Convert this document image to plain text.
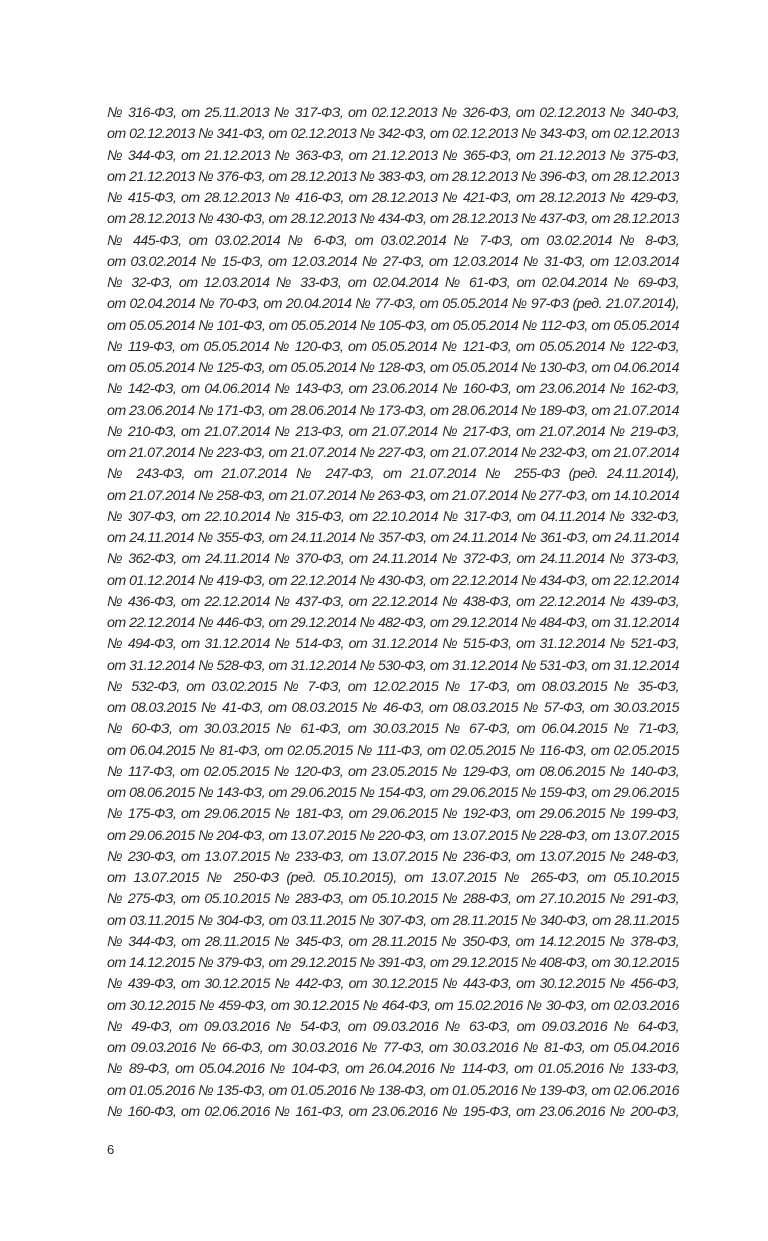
№ 316-ФЗ, от 25.11.2013 № 317-ФЗ, от 02.12.2013 № 326-ФЗ, от 02.12.2013 № 340-ФЗ,
от 02.12.2013 № 341-ФЗ, от 02.12.2013 № 342-ФЗ, от 02.12.2013 № 343-ФЗ, от 02.12.2013
№ 344-ФЗ, от 21.12.2013 № 363-ФЗ, от 21.12.2013 № 365-ФЗ, от 21.12.2013 № 375-ФЗ,
от 21.12.2013 № 376-ФЗ, от 28.12.2013 № 383-ФЗ, от 28.12.2013 № 396-ФЗ, от 28.12.2013
№ 415-ФЗ, от 28.12.2013 № 416-ФЗ, от 28.12.2013 № 421-ФЗ, от 28.12.2013 № 429-ФЗ,
от 28.12.2013 № 430-ФЗ, от 28.12.2013 № 434-ФЗ, от 28.12.2013 № 437-ФЗ, от 28.12.2013
№ 445-ФЗ, от 03.02.2014 № 6-ФЗ, от 03.02.2014 № 7-ФЗ, от 03.02.2014 № 8-ФЗ,
от 03.02.2014 № 15-ФЗ, от 12.03.2014 № 27-ФЗ, от 12.03.2014 № 31-ФЗ, от 12.03.2014
№ 32-ФЗ, от 12.03.2014 № 33-ФЗ, от 02.04.2014 № 61-ФЗ, от 02.04.2014 № 69-ФЗ,
от 02.04.2014 № 70-ФЗ, от 20.04.2014 № 77-ФЗ, от 05.05.2014 № 97-ФЗ (ред. 21.07.2014),
от 05.05.2014 № 101-ФЗ, от 05.05.2014 № 105-ФЗ, от 05.05.2014 № 112-ФЗ, от 05.05.2014
№ 119-ФЗ, от 05.05.2014 № 120-ФЗ, от 05.05.2014 № 121-ФЗ, от 05.05.2014 № 122-ФЗ,
от 05.05.2014 № 125-ФЗ, от 05.05.2014 № 128-ФЗ, от 05.05.2014 № 130-ФЗ, от 04.06.2014
№ 142-ФЗ, от 04.06.2014 № 143-ФЗ, от 23.06.2014 № 160-ФЗ, от 23.06.2014 № 162-ФЗ,
от 23.06.2014 № 171-ФЗ, от 28.06.2014 № 173-ФЗ, от 28.06.2014 № 189-ФЗ, от 21.07.2014
№ 210-ФЗ, от 21.07.2014 № 213-ФЗ, от 21.07.2014 № 217-ФЗ, от 21.07.2014 № 219-ФЗ,
от 21.07.2014 № 223-ФЗ, от 21.07.2014 № 227-ФЗ, от 21.07.2014 № 232-ФЗ, от 21.07.2014
№ 243-ФЗ, от 21.07.2014 № 247-ФЗ, от 21.07.2014 № 255-ФЗ (ред. 24.11.2014),
от 21.07.2014 № 258-ФЗ, от 21.07.2014 № 263-ФЗ, от 21.07.2014 № 277-ФЗ, от 14.10.2014
№ 307-ФЗ, от 22.10.2014 № 315-ФЗ, от 22.10.2014 № 317-ФЗ, от 04.11.2014 № 332-ФЗ,
от 24.11.2014 № 355-ФЗ, от 24.11.2014 № 357-ФЗ, от 24.11.2014 № 361-ФЗ, от 24.11.2014
№ 362-ФЗ, от 24.11.2014 № 370-ФЗ, от 24.11.2014 № 372-ФЗ, от 24.11.2014 № 373-ФЗ,
от 01.12.2014 № 419-ФЗ, от 22.12.2014 № 430-ФЗ, от 22.12.2014 № 434-ФЗ, от 22.12.2014
№ 436-ФЗ, от 22.12.2014 № 437-ФЗ, от 22.12.2014 № 438-ФЗ, от 22.12.2014 № 439-ФЗ,
от 22.12.2014 № 446-ФЗ, от 29.12.2014 № 482-ФЗ, от 29.12.2014 № 484-ФЗ, от 31.12.2014
№ 494-ФЗ, от 31.12.2014 № 514-ФЗ, от 31.12.2014 № 515-ФЗ, от 31.12.2014 № 521-ФЗ,
от 31.12.2014 № 528-ФЗ, от 31.12.2014 № 530-ФЗ, от 31.12.2014 № 531-ФЗ, от 31.12.2014
№ 532-ФЗ, от 03.02.2015 № 7-ФЗ, от 12.02.2015 № 17-ФЗ, от 08.03.2015 № 35-ФЗ,
от 08.03.2015 № 41-ФЗ, от 08.03.2015 № 46-ФЗ, от 08.03.2015 № 57-ФЗ, от 30.03.2015
№ 60-ФЗ, от 30.03.2015 № 61-ФЗ, от 30.03.2015 № 67-ФЗ, от 06.04.2015 № 71-ФЗ,
от 06.04.2015 № 81-ФЗ, от 02.05.2015 № 111-ФЗ, от 02.05.2015 № 116-ФЗ, от 02.05.2015
№ 117-ФЗ, от 02.05.2015 № 120-ФЗ, от 23.05.2015 № 129-ФЗ, от 08.06.2015 № 140-ФЗ,
от 08.06.2015 № 143-ФЗ, от 29.06.2015 № 154-ФЗ, от 29.06.2015 № 159-ФЗ, от 29.06.2015
№ 175-ФЗ, от 29.06.2015 № 181-ФЗ, от 29.06.2015 № 192-ФЗ, от 29.06.2015 № 199-ФЗ,
от 29.06.2015 № 204-ФЗ, от 13.07.2015 № 220-ФЗ, от 13.07.2015 № 228-ФЗ, от 13.07.2015
№ 230-ФЗ, от 13.07.2015 № 233-ФЗ, от 13.07.2015 № 236-ФЗ, от 13.07.2015 № 248-ФЗ,
от 13.07.2015 № 250-ФЗ (ред. 05.10.2015), от 13.07.2015 № 265-ФЗ, от 05.10.2015
№ 275-ФЗ, от 05.10.2015 № 283-ФЗ, от 05.10.2015 № 288-ФЗ, от 27.10.2015 № 291-ФЗ,
от 03.11.2015 № 304-ФЗ, от 03.11.2015 № 307-ФЗ, от 28.11.2015 № 340-ФЗ, от 28.11.2015
№ 344-ФЗ, от 28.11.2015 № 345-ФЗ, от 28.11.2015 № 350-ФЗ, от 14.12.2015 № 378-ФЗ,
от 14.12.2015 № 379-ФЗ, от 29.12.2015 № 391-ФЗ, от 29.12.2015 № 408-ФЗ, от 30.12.2015
№ 439-ФЗ, от 30.12.2015 № 442-ФЗ, от 30.12.2015 № 443-ФЗ, от 30.12.2015 № 456-ФЗ,
от 30.12.2015 № 459-ФЗ, от 30.12.2015 № 464-ФЗ, от 15.02.2016 № 30-ФЗ, от 02.03.2016
№ 49-ФЗ, от 09.03.2016 № 54-ФЗ, от 09.03.2016 № 63-ФЗ, от 09.03.2016 № 64-ФЗ,
от 09.03.2016 № 66-ФЗ, от 30.03.2016 № 77-ФЗ, от 30.03.2016 № 81-ФЗ, от 05.04.2016
№ 89-ФЗ, от 05.04.2016 № 104-ФЗ, от 26.04.2016 № 114-ФЗ, от 01.05.2016 № 133-ФЗ,
от 01.05.2016 № 135-ФЗ, от 01.05.2016 № 138-ФЗ, от 01.05.2016 № 139-ФЗ, от 02.06.2016
№ 160-ФЗ, от 02.06.2016 № 161-ФЗ, от 23.06.2016 № 195-ФЗ, от 23.06.2016 № 200-ФЗ,
6
